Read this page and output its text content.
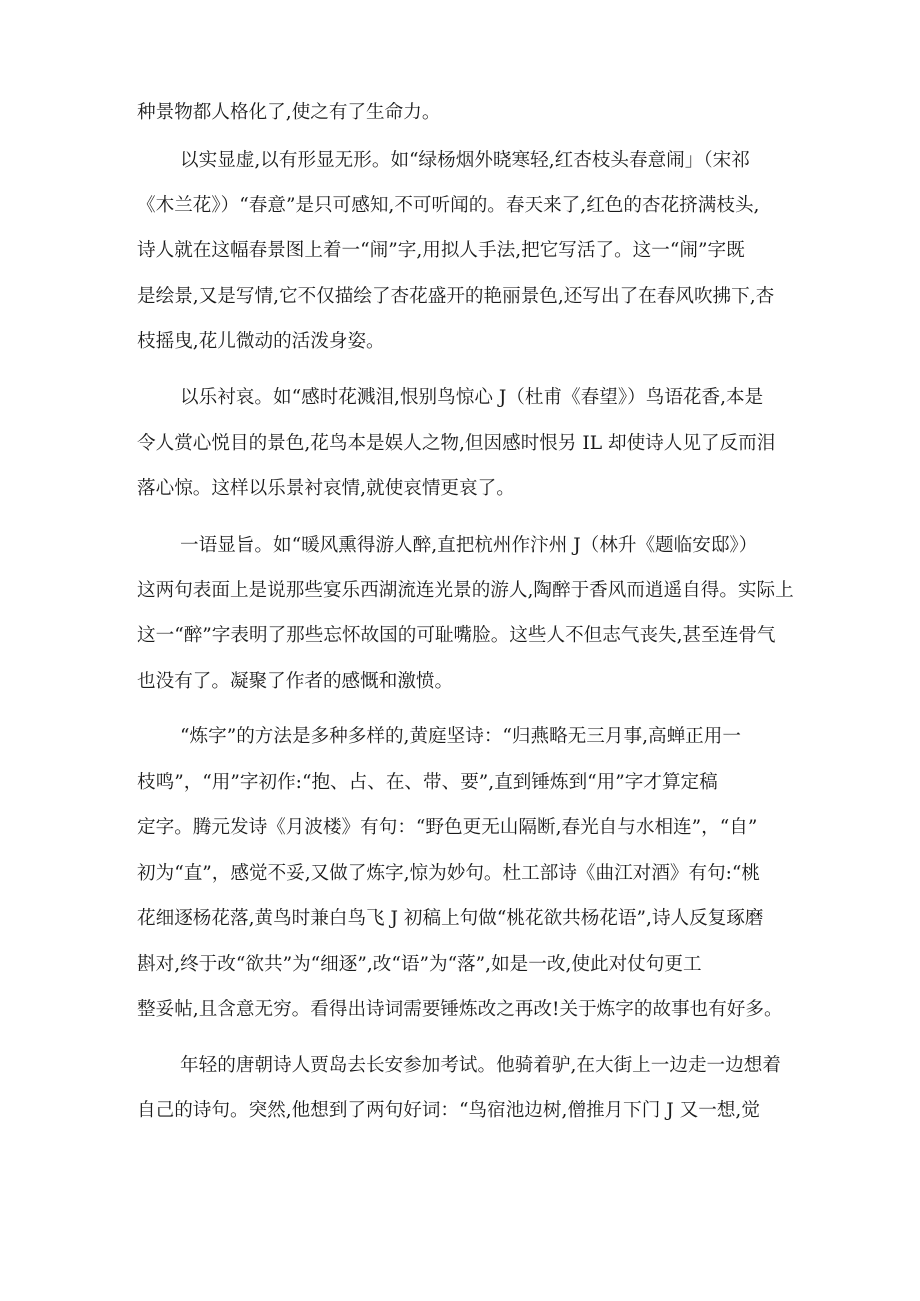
种景物都人格化了,使之有了生命力。
以实显虚,以有形显无形。如“绿杨烟外晓寒轻,红杏枝头春意闹」（宋祁
《木兰花》）“春意”是只可感知,不可听闻的。春天来了,红色的杏花挤满枝头,
诗人就在这幅春景图上着一“闹”字,用拟人手法,把它写活了。这一“闹”字既
是绘景,又是写情,它不仅描绘了杏花盛开的艳丽景色,还写出了在春风吹拂下,杏
枝摇曳,花儿微动的活泼身姿。
以乐衬哀。如“感时花溅泪,恨别鸟惊心 J（杜甫《春望》）鸟语花香,本是
令人赏心悦目的景色,花鸟本是娱人之物,但因感时恨另 IL 却使诗人见了反而泪
落心惊。这样以乐景衬哀情,就使哀情更哀了。
一语显旨。如“暖风熏得游人醉,直把杭州作汴州 J（林升《题临安邸》）
这两句表面上是说那些宴乐西湖流连光景的游人,陶醉于香风而逍遥自得。实际上
这一“醉”字表明了那些忘怀故国的可耻嘴脸。这些人不但志气丧失,甚至连骨气
也没有了。凝聚了作者的感慨和激愤。
“炼字”的方法是多种多样的,黄庭坚诗：“归燕略无三月事,高蝉正用一
枝鸣”，“用”字初作:“抱、占、在、带、要”,直到锤炼到“用”字才算定稿
定字。腾元发诗《月波楼》有句：“野色更无山隔断,春光自与水相连”，“自”
初为“直”，感觉不妥,又做了炼字,惊为妙句。杜工部诗《曲江对酒》有句:“桃
花细逐杨花落,黄鸟时兼白鸟飞 J 初稿上句做“桃花欲共杨花语”,诗人反复琢磨
斟对,终于改“欲共”为“细逐”,改“语”为“落”,如是一改,使此对仗句更工
整妥帖,且含意无穷。看得出诗词需要锤炼改之再改!关于炼字的故事也有好多。
年轻的唐朝诗人贾岛去长安参加考试。他骑着驴,在大街上一边走一边想着
自己的诗句。突然,他想到了两句好词：“鸟宿池边树,僧推月下门 J 又一想,觉
